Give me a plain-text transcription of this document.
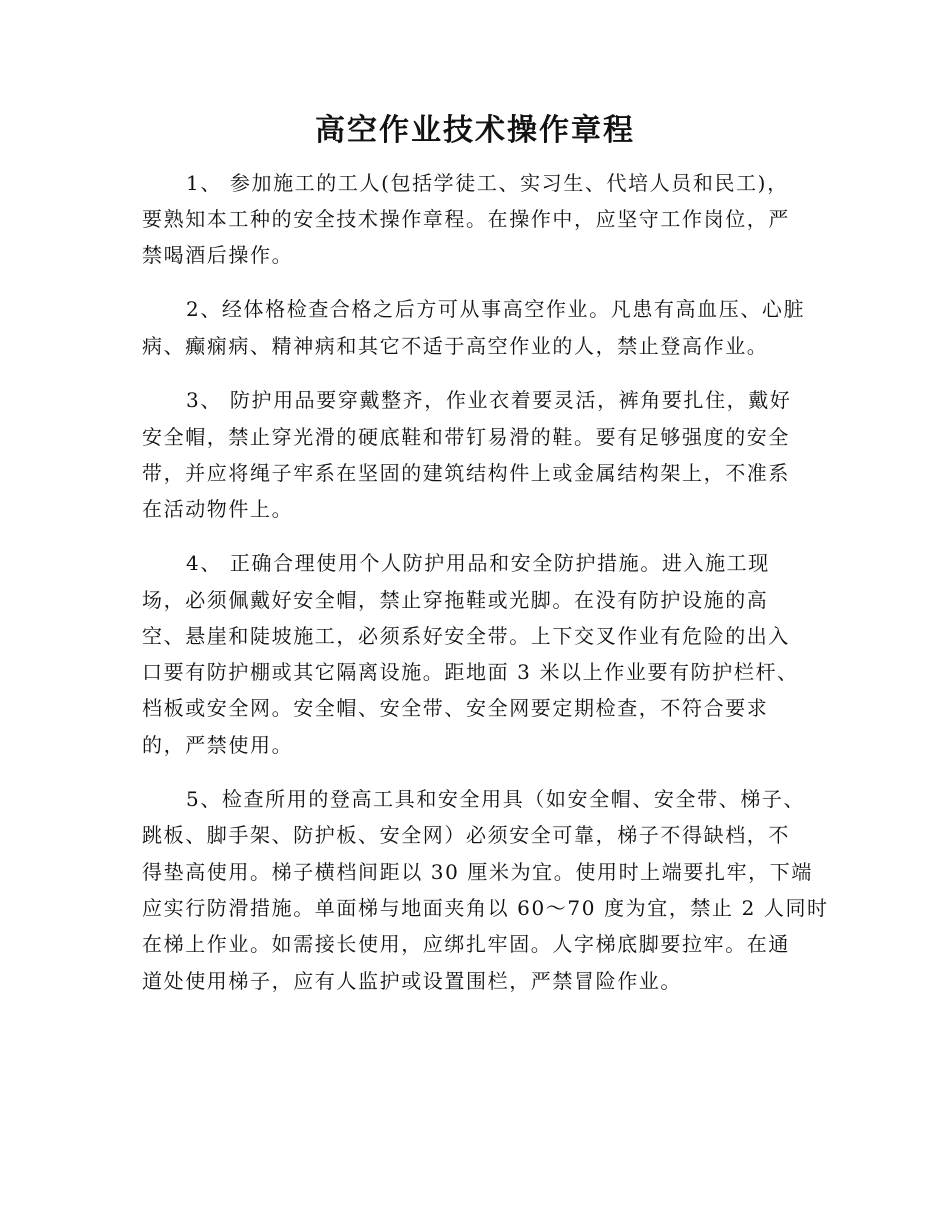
高空作业技术操作章程
1、 参加施工的工人(包括学徒工、实习生、代培人员和民工)，
要熟知本工种的安全技术操作章程。在操作中，应坚守工作岗位，严
禁喝酒后操作。
2、经体格检查合格之后方可从事高空作业。凡患有高血压、心脏
病、癫痫病、精神病和其它不适于高空作业的人，禁止登高作业。
3、 防护用品要穿戴整齐，作业衣着要灵活，裤角要扎住，戴好
安全帽，禁止穿光滑的硬底鞋和带钉易滑的鞋。要有足够强度的安全
带，并应将绳子牢系在坚固的建筑结构件上或金属结构架上，不准系
在活动物件上。
4、 正确合理使用个人防护用品和安全防护措施。进入施工现
场，必须佩戴好安全帽，禁止穿拖鞋或光脚。在没有防护设施的高
空、悬崖和陡坡施工，必须系好安全带。上下交叉作业有危险的出入
口要有防护棚或其它隔离设施。距地面 3 米以上作业要有防护栏杆、
档板或安全网。安全帽、安全带、安全网要定期检查，不符合要求
的，严禁使用。
5、检查所用的登高工具和安全用具（如安全帽、安全带、梯子、
跳板、脚手架、防护板、安全网）必须安全可靠，梯子不得缺档，不
得垫高使用。梯子横档间距以 30 厘米为宜。使用时上端要扎牢，下端
应实行防滑措施。单面梯与地面夹角以 60～70 度为宜，禁止 2 人同时
在梯上作业。如需接长使用，应绑扎牢固。人字梯底脚要拉牢。在通
道处使用梯子，应有人监护或设置围栏，严禁冒险作业。
